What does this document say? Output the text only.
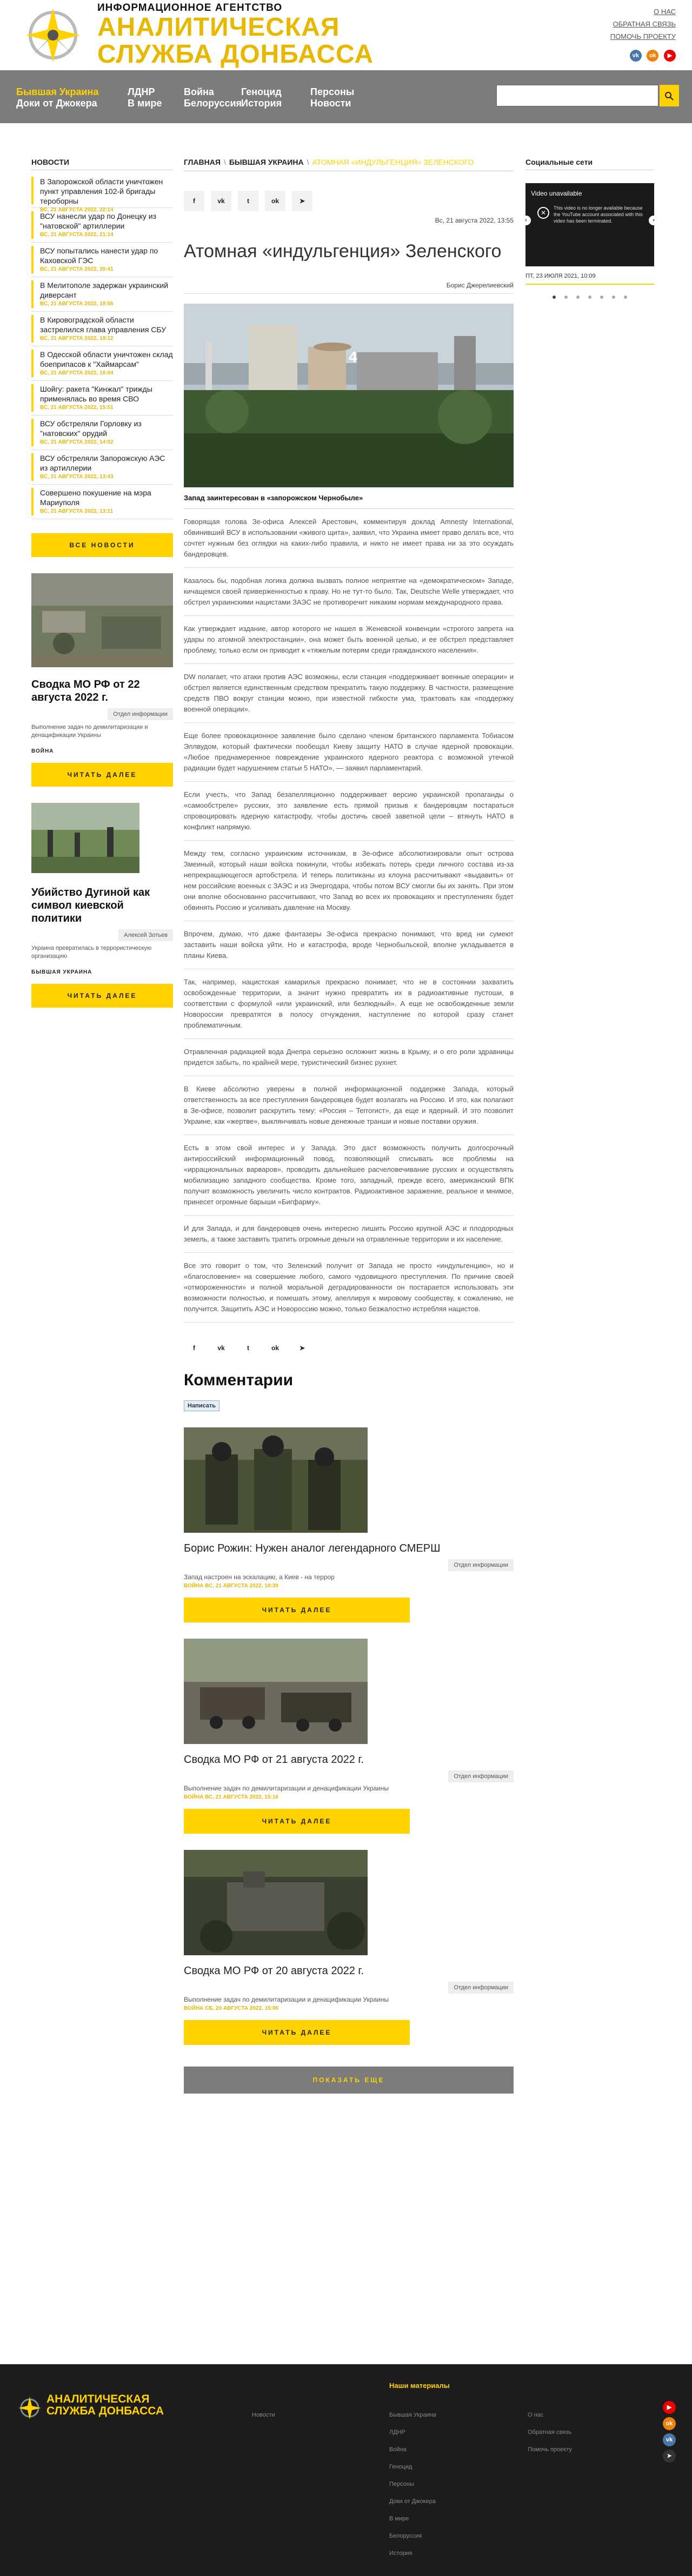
ИНФОРМАЦИОННОЕ АГЕНТСТВО
АНАЛИТИЧЕСКАЯ
СЛУЖБА ДОНБАССА
О НАС
ОБРАТНАЯ СВЯЗЬ
ПОМОЧЬ ПРОЕКТУ
vk ok ▶
Бывшая Украина
Доки от Джокера
ЛДНР
В мире
Война
Белоруссия
Геноцид
История
Персоны
Новости
НОВОСТИ
В Запорожской области уничтожен пункт управления 102-й бригады тероборны
ВС, 21 АВГУСТА 2022, 22:14
ВСУ нанесли удар по Донецку из "натовской" артиллерии
ВС, 21 АВГУСТА 2022, 21:14
ВСУ попытались нанести удар по Каховской ГЭС
ВС, 21 АВГУСТА 2022, 20:41
В Мелитополе задержан украинский диверсант
ВС, 21 АВГУСТА 2022, 18:56
В Кировоградской области застрелился глава управления СБУ
ВС, 21 АВГУСТА 2022, 18:12
В Одесской области уничтожен склад боеприпасов к "Хаймарсам"
ВС, 21 АВГУСТА 2022, 16:04
Шойгу: ракета "Кинжал" трижды применялась во время СВО
ВС, 21 АВГУСТА 2022, 15:51
ВСУ обстреляли Горловку из "натовских" орудий
ВС, 21 АВГУСТА 2022, 14:02
ВСУ обстреляли Запорожскую АЭС из артиллерии
ВС, 21 АВГУСТА 2022, 13:43
Совершено покушение на мэра Мариуполя
ВС, 21 АВГУСТА 2022, 13:11
ВСЕ НОВОСТИ
Сводка МО РФ от 22 августа 2022 г.
Отдел информации
Выполнение задач по демилитаризации и денацификации Украины
ВОЙНА
ЧИТАТЬ ДАЛЕЕ
Убийство Дугиной как символ киевской политики
Алексей Зотьев
Украина превратилась в террористическую организацию
БЫВШАЯ УКРАИНА
ЧИТАТЬ ДАЛЕЕ
ГЛАВНАЯ \ БЫВШАЯ УКРАИНА \ АТОМНАЯ «ИНДУЛЬГЕНЦИЯ» ЗЕЛЕНСКОГО
f	vk	t	ok	➤
Вс, 21 августа 2022, 13:55
Атомная «индульгенция» Зеленского
Борис Джерелиевский
4
Запад заинтересован в «запорожском Чернобыле»

Говорящая голова Зе-офиса Алексей Арестович, комментируя доклад Amnesty International, обвинивший ВСУ в использовании «живого щита», заявил, что Украина имеет право делать все, что сочтет нужным без оглядки на каких-либо правила, и никто не имеет права ни за это осуждать бандеровцев.

Казалось бы, подобная логика должна вызвать полное неприятие на «демократическом» Западе, кичащемся своей приверженностью к праву. Но не тут-то было. Так, Deutsche Welle утверждает, что обстрел украинскими нацистами ЗАЭС не противоречит никаким нормам международного права.

Как утверждает издание, автор которого не нашел в Женевской конвенции «строгого запрета на удары по атомной электростанции», она может быть военной целью, и ее обстрел представляет проблему, только если он приводит к «тяжелым потерям среди гражданского населения».

DW полагает, что атаки против АЭС возможны, если станция «поддерживает военные операции» и обстрел является единственным средством прекратить такую поддержку. В частности, размещение средств ПВО вокруг станции можно, при известной гибкости ума, трактовать как «поддержку военной операции».

Еще более провокационное заявление было сделано членом британского парламента Тобиасом Эллвудом, который фактически пообещал Киеву защиту НАТО в случае ядерной провокации. «Любое преднамеренное повреждение украинского ядерного реактора с возможной утечкой радиации будет нарушением статьи 5 НАТО», — заявил парламентарий.

Если учесть, что Запад безапелляционно поддерживает версию украинской пропаганды о «самообстреле» русских, это заявление есть прямой призыв к бандеровцам постараться спровоцировать ядерную катастрофу, чтобы достичь своей заветной цели – втянуть НАТО в конфликт напрямую.

Между тем, согласно украинским источникам, в Зе-офисе абсолютизировали опыт острова Змеиный, который наши войска покинули, чтобы избежать потерь среди личного состава из-за непрекращающегося артобстрела. И теперь политиканы из клоуна рассчитывают «выдавить» от нем российские военных с ЗАЭС и из Энергодара, чтобы потом ВСУ смогли бы их занять. При этом они вполне обоснованно рассчитывают, что Запад во всех их провокациях и преступлениях будет обвинять Россию и усиливать давление на Москву.

Впрочем, думаю, что даже фантазеры Зе-офиса прекрасно понимают, что вред ни сумеют заставить наши войска уйти. Но и катастрофа, вроде Чернобыльской, вполне укладывается в планы Киева.

Так, например, нацистская камарилья прекрасно понимает, что не в состоянии захватить освобожденные территории, а значит нужно превратить их в радиоактивные пустоши, в соответствии с формулой «или украинский, или безлюдный». А еще не освобожденные земли Новороссии превратятся в полосу отчуждения, наступление по которой сразу станет проблематичным.

Отравленная радиацией вода Днепра серьезно осложнит жизнь в Крыму, и о его роли здравницы придется забыть, по крайней мере, туристический бизнес рухнет.

В Киеве абсолютно уверены в полной информационной поддержке Запада, который ответственность за все преступления бандеровцев будет возлагать на Россию. И это, как полагают в Зе-офисе, позволит раскрутить тему: «Россия – Terrorист», да еще и ядерный. И это позволит Украине, как «жертве», выклянчивать новые денежные транши и новые поставки оружия.

Есть в этом свой интерес и у Запада. Это даст возможность получить долгосрочный антироссийский информационный повод, позволяющий списывать все проблемы на «иррациональных варваров», проводить дальнейшее расчеловечивание русских и осуществлять мобилизацию западного сообщества. Кроме того, западный, прежде всего, американский ВПК получит возможность увеличить число контрактов. Радиоактивное заражение, реальное и мнимое, принесет огромные барыши «Бигфарму».

И для Запада, и для бандеровцев очень интересно лишить Россию крупной АЭС и плодородных земель, а также заставить тратить огромные деньги на отравленные территории и их население.

Все это говорит о том, что Зеленский получит от Запада не просто «индульгенцию», но и «благословение» на совершение любого, самого чудовищного преступления. По причине своей «отмороженности» и полной моральной деградированности он постарается использовать эти возможности полностью, и помешать этому, апеллируя к мировому сообществу, к сожалению, не получится. Защитить АЭС и Новороссию можно, только безжалостно истребляя нацистов.

f	vk	t	ok	➤
Комментарии
Написать
Борис Рожин: Нужен аналог легендарного СМЕРШ
Отдел информации
Запад настроен на эскалацию, а Киев - на террор
ВОЙНА ВС, 21 АВГУСТА 2022, 18:39
ЧИТАТЬ ДАЛЕЕ
Сводка МО РФ от 21 августа 2022 г.
Отдел информации
Выполнение задач по демилитаризации и денацификации Украины
ВОЙНА ВС, 21 АВГУСТА 2022, 15:16
ЧИТАТЬ ДАЛЕЕ
Сводка МО РФ от 20 августа 2022 г.
Отдел информации
Выполнение задач по демилитаризации и денацификации Украины
ВОЙНА СБ, 20 АВГУСТА 2022, 15:00
ЧИТАТЬ ДАЛЕЕ
ПОКАЗАТЬ ЕЩЕ
Социальные сети
Video unavailable
✕
This video is no longer available because the YouTube account associated with this video has been terminated.
‹	›
ПТ, 23 ИЮЛЯ 2021, 10:09
АНАЛИТИЧЕСКАЯ
СЛУЖБА ДОНБАССА
Наши материалы
Новости	Бывшая Украина
ЛДНР
Война
Геноцид
Персоны
Доки от Джокера
В мире
Белоруссия
История
О нас
Обратная связь
Помочь проекту
▶
ok
vk
➤
